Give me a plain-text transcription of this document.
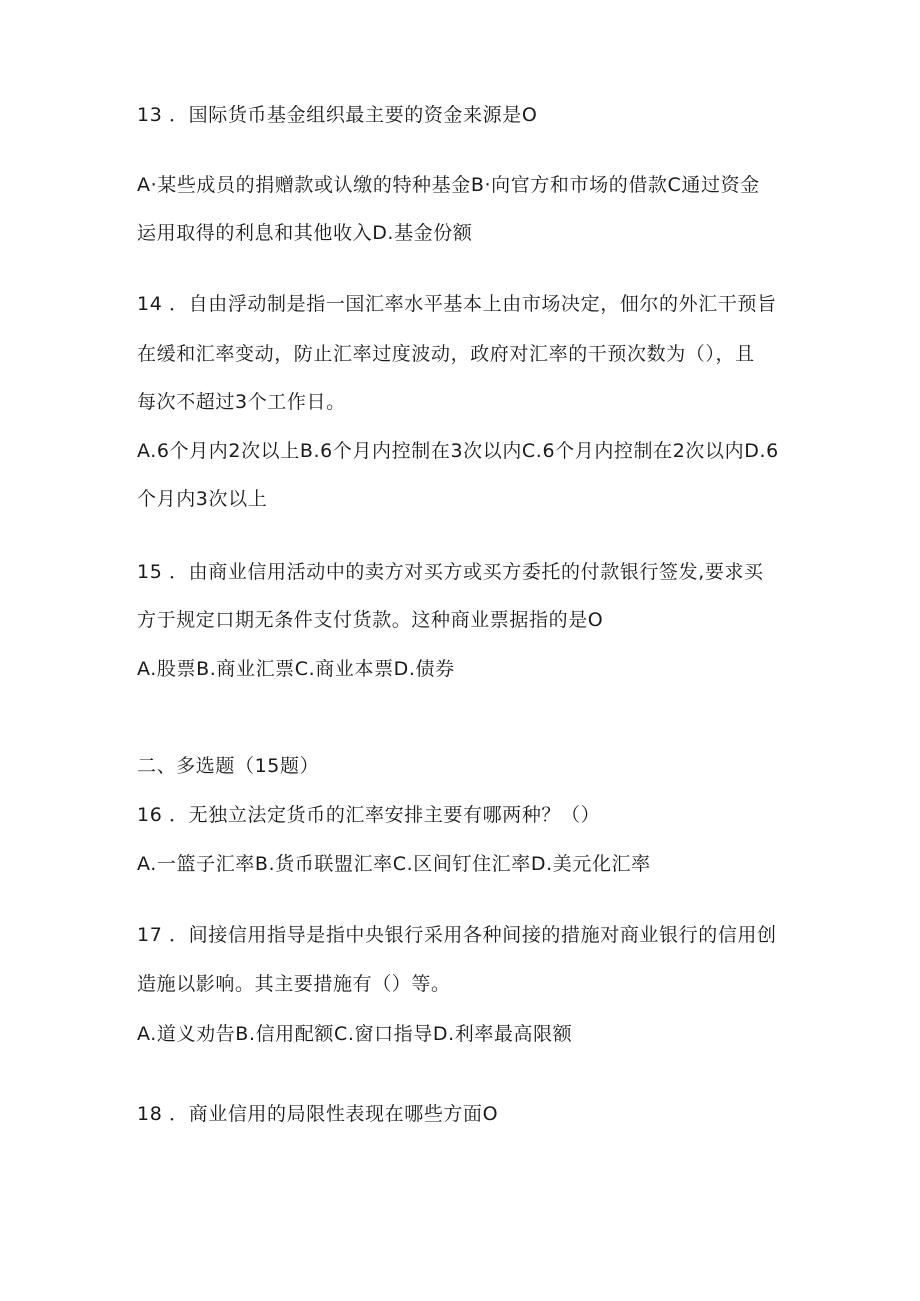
13 ．国际货币基金组织最主要的资金来源是O
A·某些成员的捐赠款或认缴的特种基金B·向官方和市场的借款C通过资金
运用取得的利息和其他收入D.基金份额
14 ．自由浮动制是指一国汇率水平基本上由市场决定，佃尔的外汇干预旨
在缓和汇率变动，防止汇率过度波动，政府对汇率的干预次数为（），且
每次不超过3个工作日。
A.6个月内2次以上B.6个月内控制在3次以内C.6个月内控制在2次以内D.6
个月内3次以上
15 ．由商业信用活动中的卖方对买方或买方委托的付款银行签发,要求买
方于规定口期无条件支付货款。这种商业票据指的是O
A.股票B.商业汇票C.商业本票D.债券
二、多选题（15题）
16 ．无独立法定货币的汇率安排主要有哪两种？（）
A.一篮子汇率B.货币联盟汇率C.区间钉住汇率D.美元化汇率
17 ．间接信用指导是指中央银行采用各种间接的措施对商业银行的信用创
造施以影响。其主要措施有（）等。
A.道义劝告B.信用配额C.窗口指导D.利率最高限额
18 ．商业信用的局限性表现在哪些方面O
